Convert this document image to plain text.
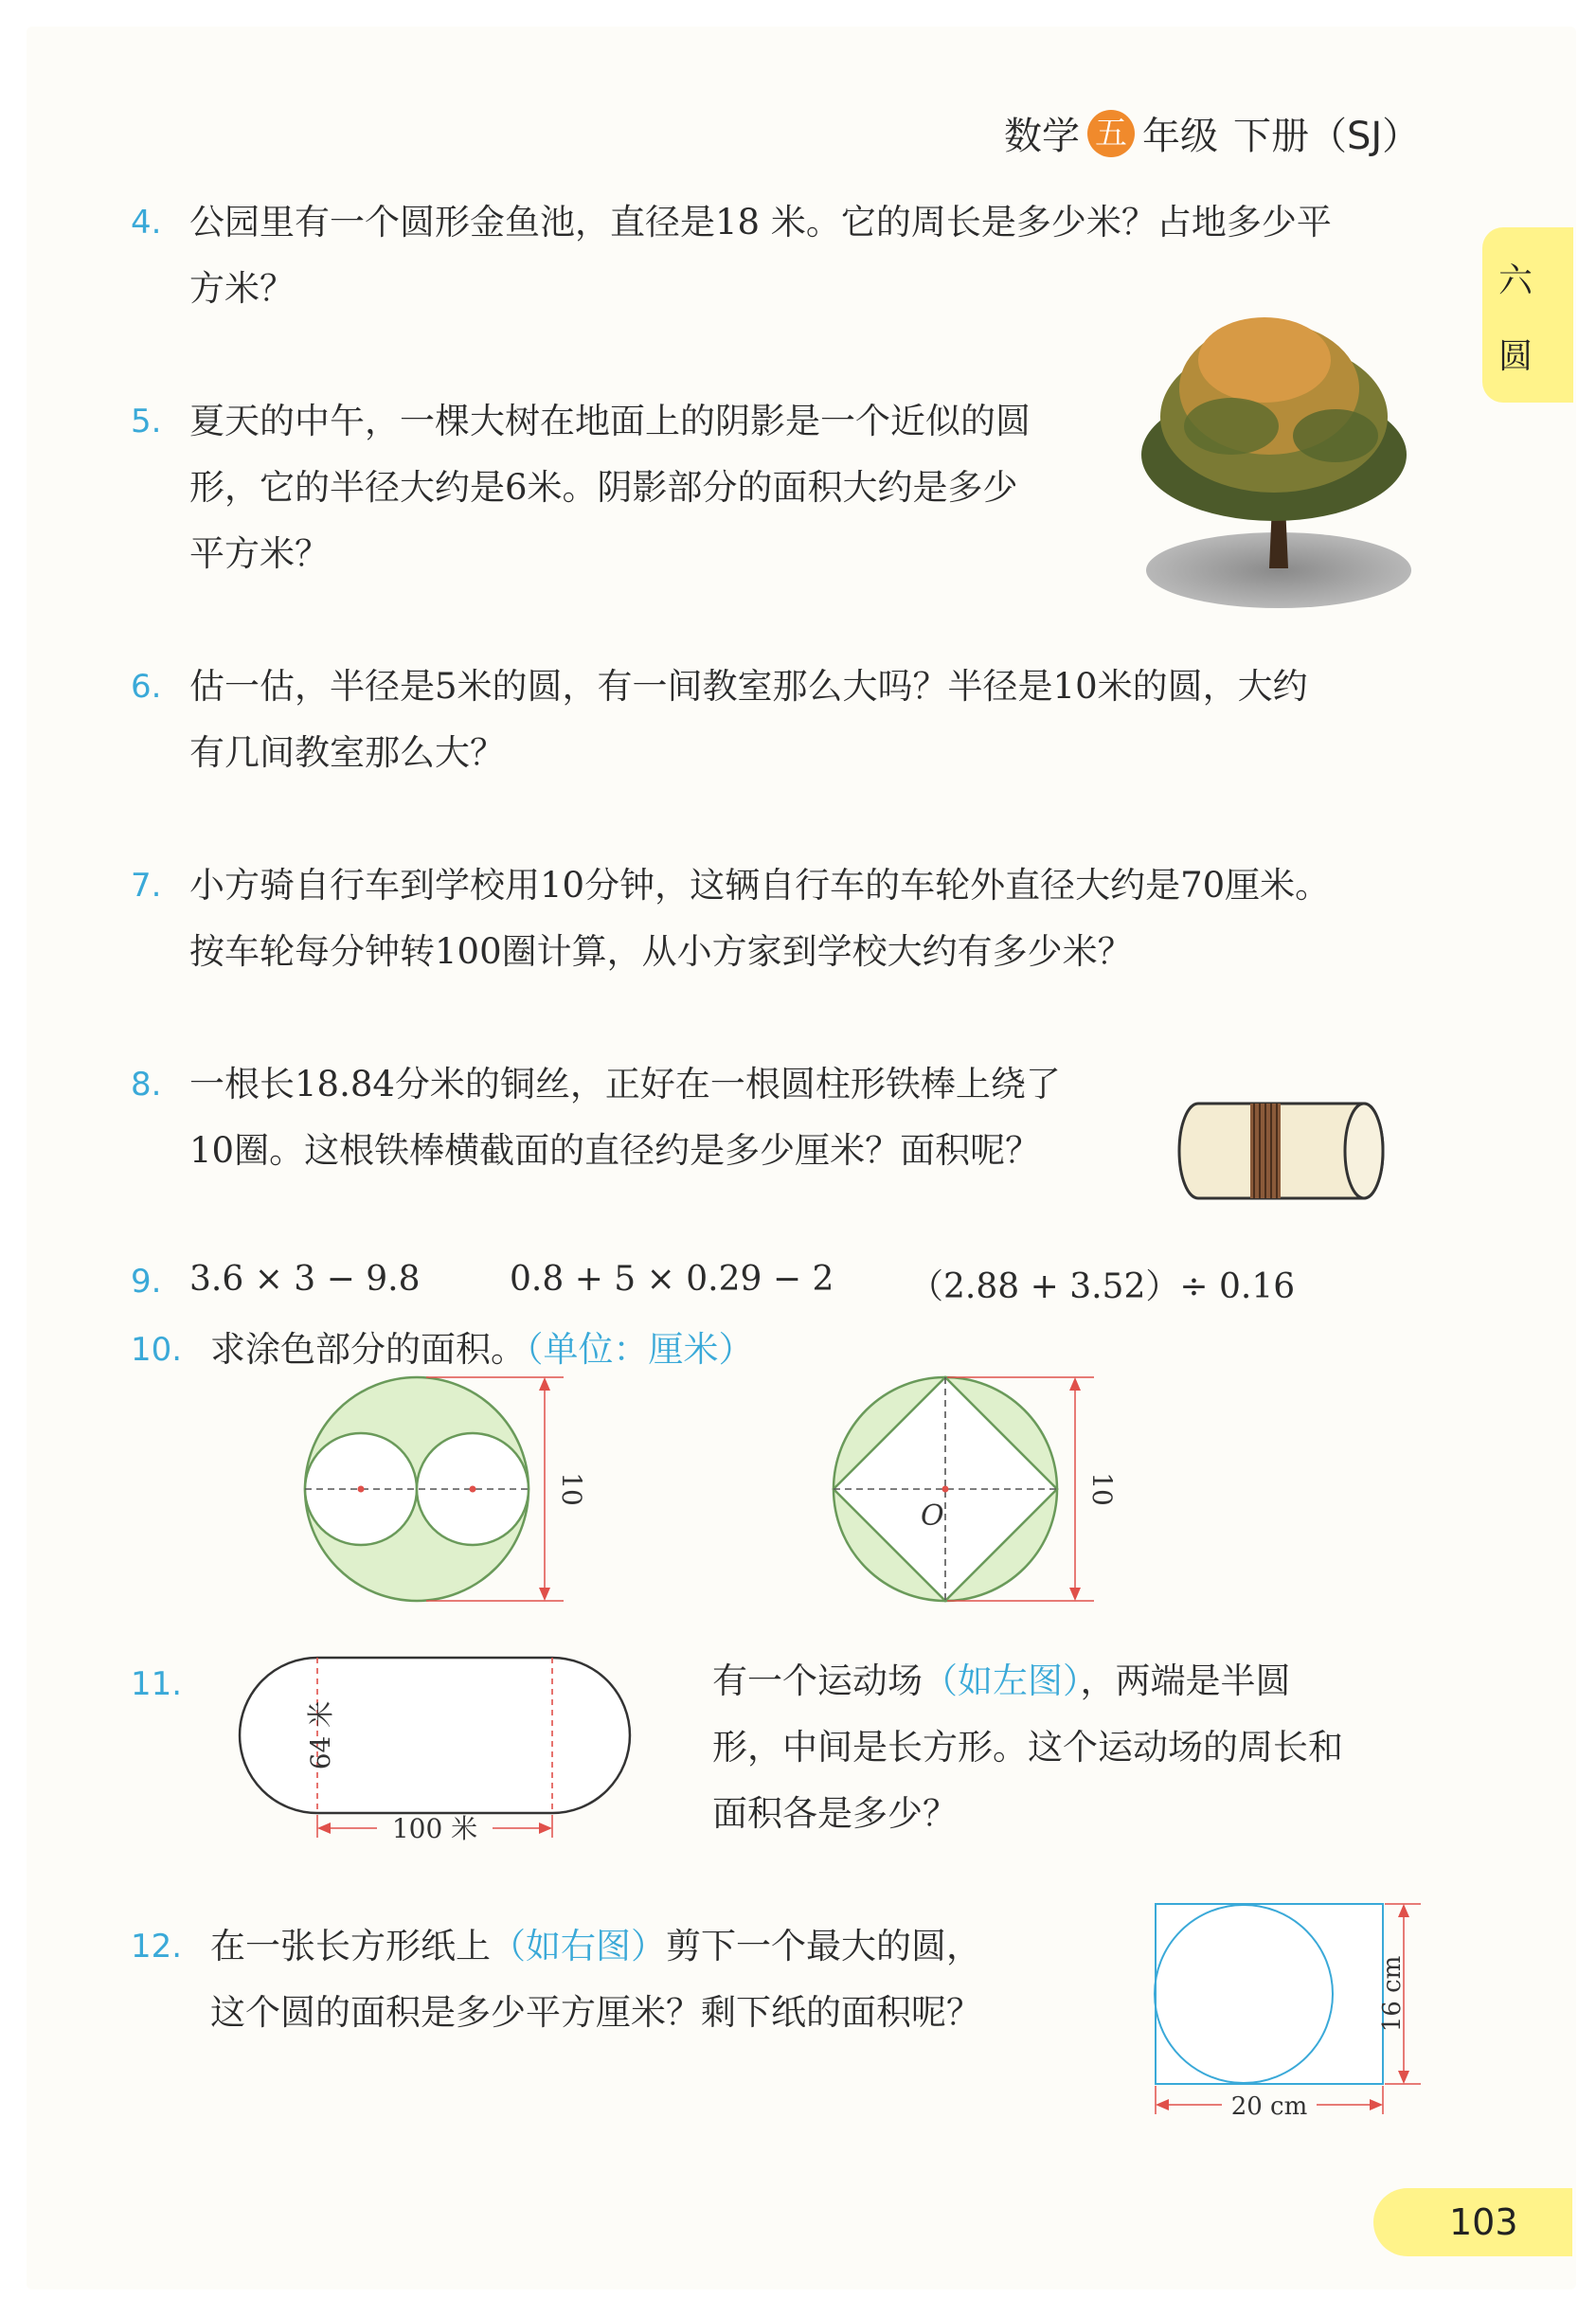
数学 五 年级 下册（SJ）
六
圆
4. 公园里有一个圆形金鱼池，直径是18 米。它的周长是多少米？占地多少平
方米？
5. 夏天的中午，一棵大树在地面上的阴影是一个近似的圆
形，它的半径大约是6米。阴影部分的面积大约是多少
平方米？
6. 估一估，半径是5米的圆，有一间教室那么大吗？半径是10米的圆，大约
有几间教室那么大？
7. 小方骑自行车到学校用10分钟，这辆自行车的车轮外直径大约是70厘米。
按车轮每分钟转100圈计算，从小方家到学校大约有多少米？
8. 一根长18.84分米的铜丝，正好在一根圆柱形铁棒上绕了
10圈。这根铁棒横截面的直径约是多少厘米？面积呢？
9. 3.6 × 3 − 9.8	0.8 + 5 × 0.29 − 2 （2.88 + 3.52）÷ 0.16
10. 求涂色部分的面积。（单位：厘米）
10
O
10
11.
64 米
100 米
有一个运动场（如左图），两端是半圆
形，中间是长方形。这个运动场的周长和
面积各是多少？
12. 在一张长方形纸上（如右图）剪下一个最大的圆，
这个圆的面积是多少平方厘米？剩下纸的面积呢？	16 cm
20 cm
103
